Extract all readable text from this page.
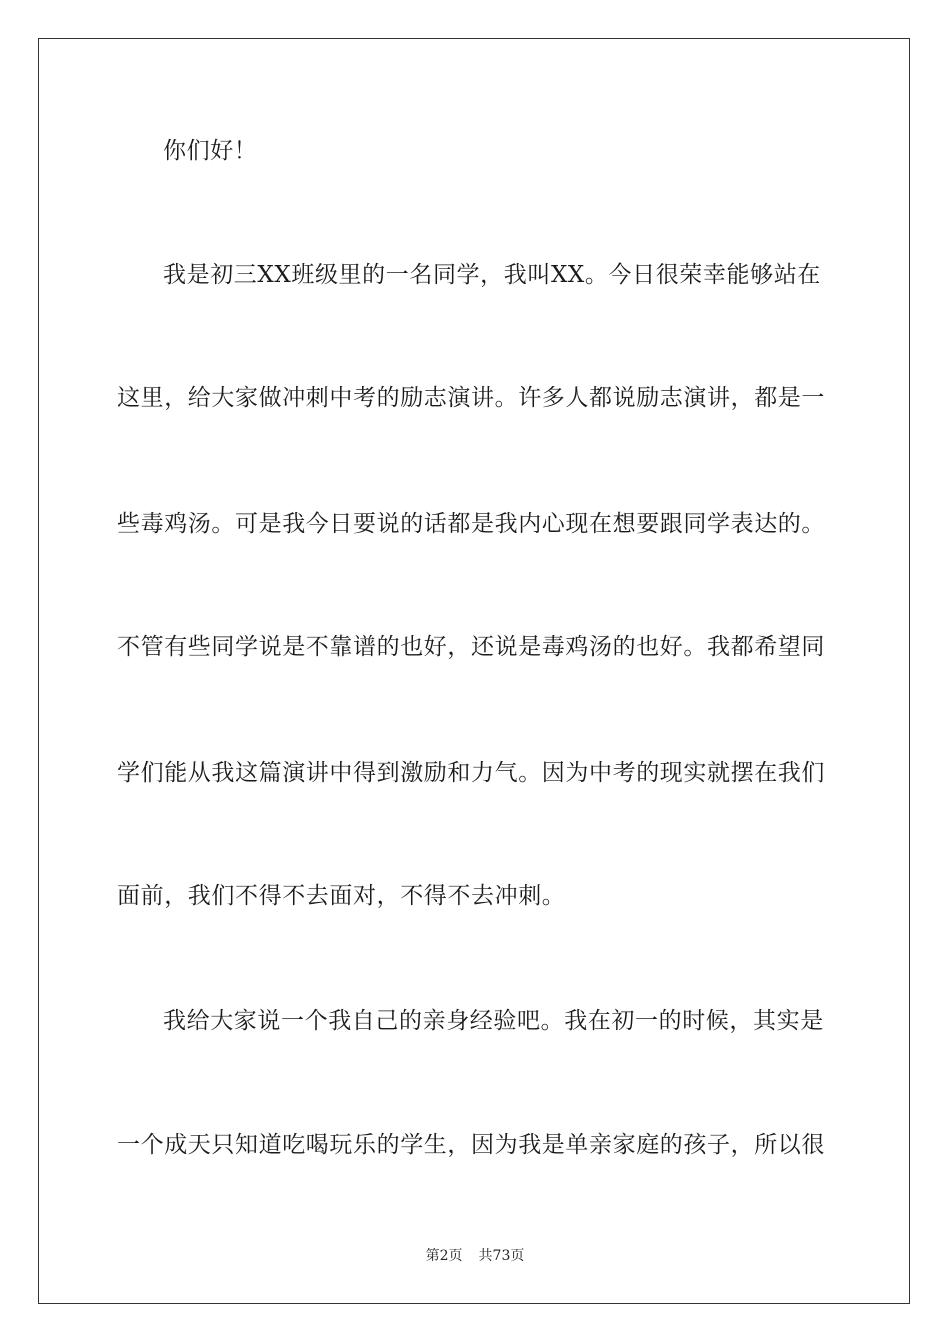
你们好！
我是初三XX班级里的一名同学，我叫XX。今日很荣幸能够站在
这里，给大家做冲刺中考的励志演讲。许多人都说励志演讲，都是一
些毒鸡汤。可是我今日要说的话都是我内心现在想要跟同学表达的。
不管有些同学说是不靠谱的也好，还说是毒鸡汤的也好。我都希望同
学们能从我这篇演讲中得到激励和力气。因为中考的现实就摆在我们
面前，我们不得不去面对，不得不去冲刺。
我给大家说一个我自己的亲身经验吧。我在初一的时候，其实是
一个成天只知道吃喝玩乐的学生，因为我是单亲家庭的孩子，所以很
第2页 共73页
